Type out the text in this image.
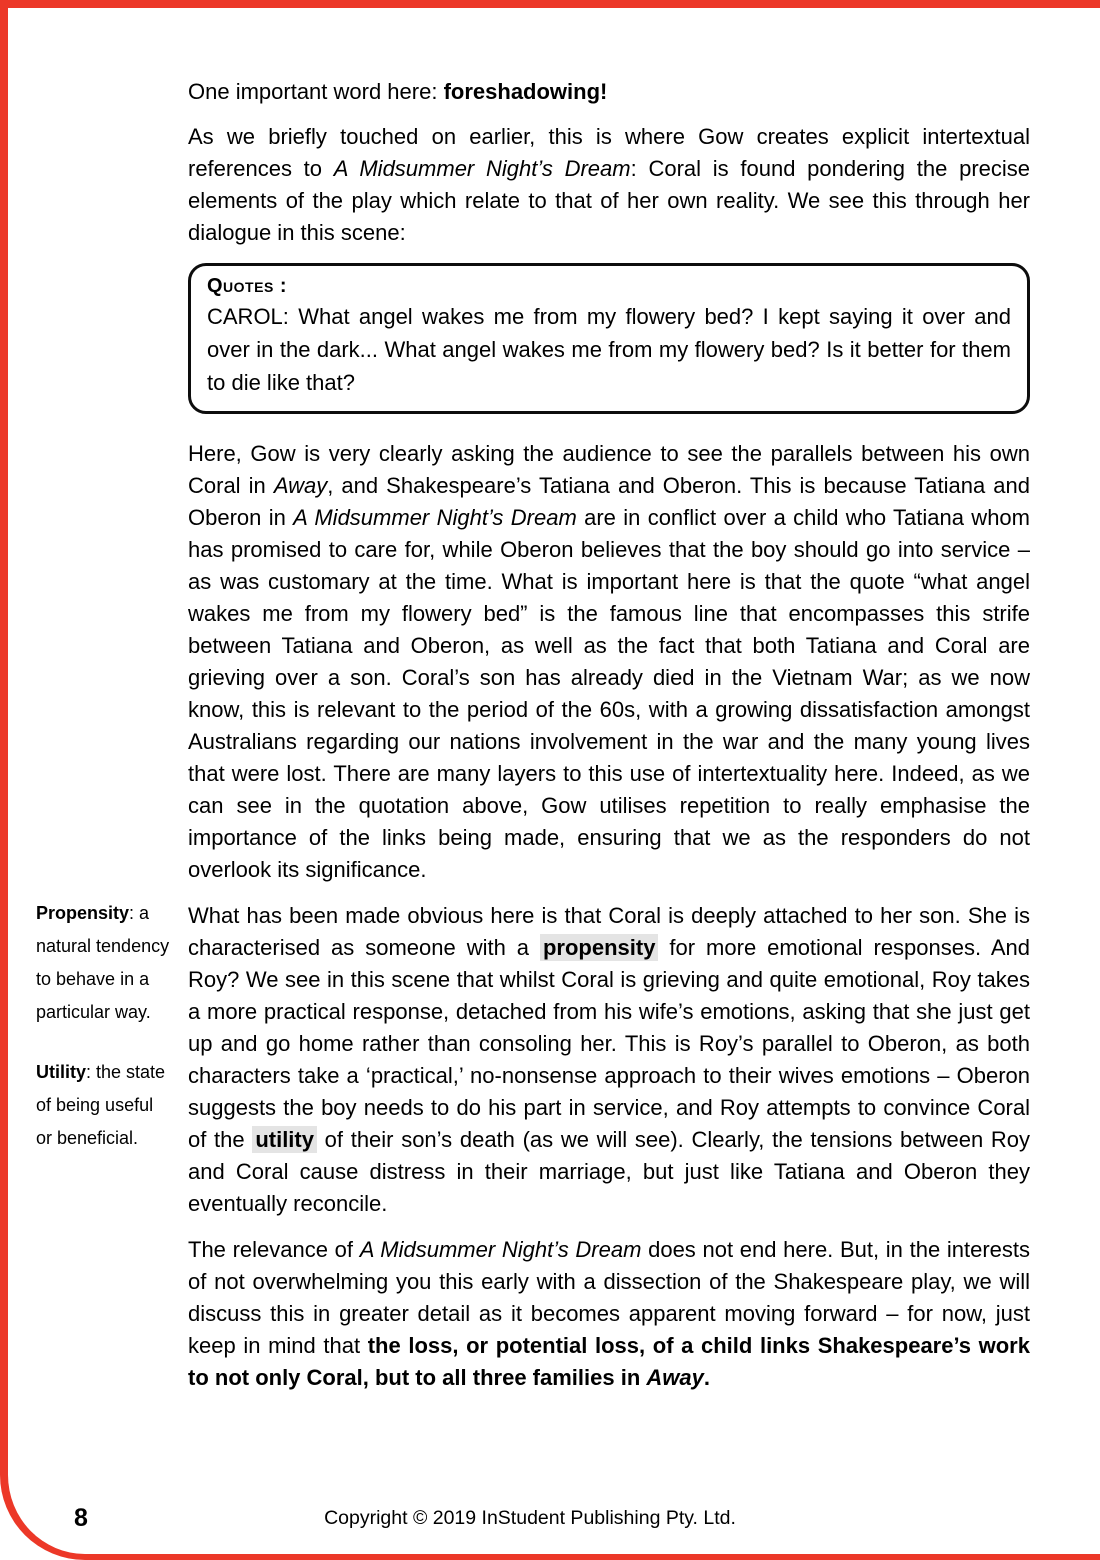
One important word here: foreshadowing!

As we briefly touched on earlier, this is where Gow creates explicit intertextual references to A Midsummer Night’s Dream: Coral is found pondering the precise elements of the play which relate to that of her own reality. We see this through her dialogue in this scene:

Quotes :
CAROL: What angel wakes me from my flowery bed? I kept saying it over and over in the dark... What angel wakes me from my flowery bed? Is it better for them to die like that?

Here, Gow is very clearly asking the audience to see the parallels between his own Coral in Away, and Shakespeare’s Tatiana and Oberon. This is because Tatiana and Oberon in A Midsummer Night’s Dream are in conflict over a child who Tatiana whom has promised to care for, while Oberon believes that the boy should go into service – as was customary at the time. What is important here is that the quote “what angel wakes me from my flowery bed” is the famous line that encompasses this strife between Tatiana and Oberon, as well as the fact that both Tatiana and Coral are grieving over a son. Coral’s son has already died in the Vietnam War; as we now know, this is relevant to the period of the 60s, with a growing dissatisfaction amongst Australians regarding our nations involvement in the war and the many young lives that were lost. There are many layers to this use of intertextuality here. Indeed, as we can see in the quotation above, Gow utilises repetition to really emphasise the importance of the links being made, ensuring that we as the responders do not overlook its significance.

What has been made obvious here is that Coral is deeply attached to her son. She is characterised as someone with a propensity for more emotional responses. And Roy? We see in this scene that whilst Coral is grieving and quite emotional, Roy takes a more practical response, detached from his wife’s emotions, asking that she just get up and go home rather than consoling her. This is Roy’s parallel to Oberon, as both characters take a ‘practical,’ no-nonsense approach to their wives emotions – Oberon suggests the boy needs to do his part in service, and Roy attempts to convince Coral of the utility of their son’s death (as we will see). Clearly, the tensions between Roy and Coral cause distress in their marriage, but just like Tatiana and Oberon they eventually reconcile.

The relevance of A Midsummer Night’s Dream does not end here. But, in the interests of not overwhelming you this early with a dissection of the Shakespeare play, we will discuss this in greater detail as it becomes apparent moving forward – for now, just keep in mind that the loss, or potential loss, of a child links Shakespeare’s work to not only Coral, but to all three families in Away.

Propensity: a natural tendency to behave in a particular way.
Utility: the state of being useful or beneficial.
8	Copyright © 2019 InStudent Publishing Pty. Ltd.
